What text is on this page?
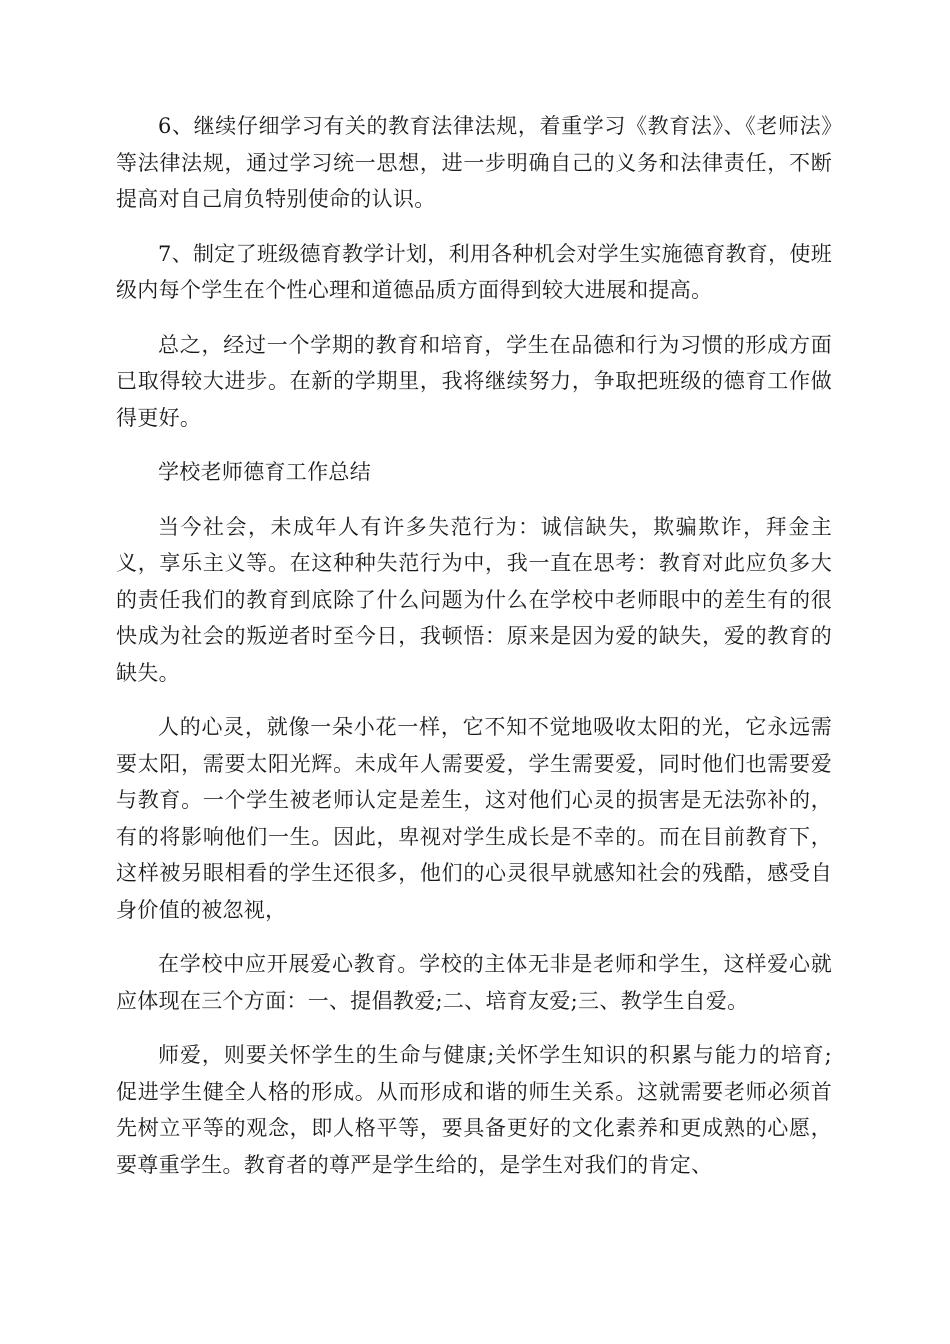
6、继续仔细学习有关的教育法律法规，着重学习《教育法》、《老师法》等法律法规，通过学习统一思想，进一步明确自己的义务和法律责任，不断提高对自己肩负特别使命的认识。

7、制定了班级德育教学计划，利用各种机会对学生实施德育教育，使班级内每个学生在个性心理和道德品质方面得到较大进展和提高。

总之，经过一个学期的教育和培育，学生在品德和行为习惯的形成方面已取得较大进步。在新的学期里，我将继续努力，争取把班级的德育工作做得更好。

学校老师德育工作总结

当今社会，未成年人有许多失范行为：诚信缺失，欺骗欺诈，拜金主义，享乐主义等。在这种种失范行为中，我一直在思考：教育对此应负多大的责任我们的教育到底除了什么问题为什么在学校中老师眼中的差生有的很快成为社会的叛逆者时至今日，我顿悟：原来是因为爱的缺失，爱的教育的缺失。

人的心灵，就像一朵小花一样，它不知不觉地吸收太阳的光，它永远需要太阳，需要太阳光辉。未成年人需要爱，学生需要爱，同时他们也需要爱与教育。一个学生被老师认定是差生，这对他们心灵的损害是无法弥补的，有的将影响他们一生。因此，卑视对学生成长是不幸的。而在目前教育下，这样被另眼相看的学生还很多，他们的心灵很早就感知社会的残酷，感受自身价值的被忽视，

在学校中应开展爱心教育。学校的主体无非是老师和学生，这样爱心就应体现在三个方面：一、提倡教爱;二、培育友爱;三、教学生自爱。

师爱，则要关怀学生的生命与健康;关怀学生知识的积累与能力的培育;促进学生健全人格的形成。从而形成和谐的师生关系。这就需要老师必须首先树立平等的观念，即人格平等，要具备更好的文化素养和更成熟的心愿，要尊重学生。教育者的尊严是学生给的，是学生对我们的肯定、
